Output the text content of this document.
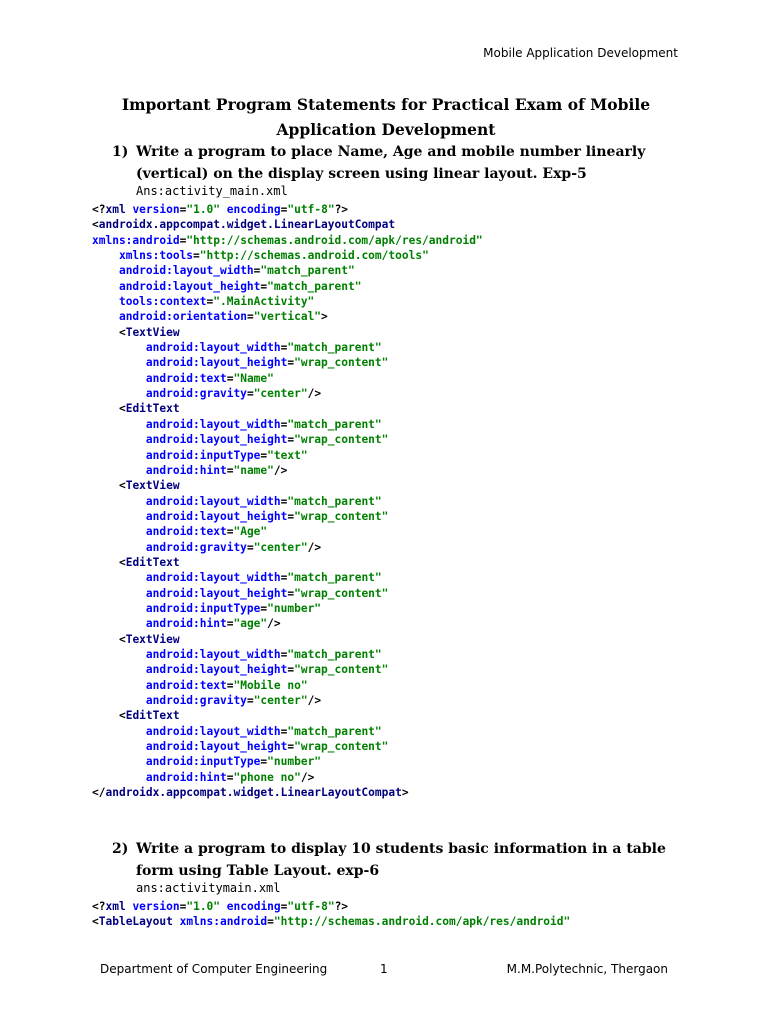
Mobile Application Development
Important Program Statements for Practical Exam of Mobile Application Development
1) Write a program to place Name, Age and mobile number linearly (vertical) on the display screen using linear layout. Exp-5
Ans:activity_main.xml
<?xml version="1.0" encoding="utf-8"?>
<androidx.appcompat.widget.LinearLayoutCompat
xmlns:android="http://schemas.android.com/apk/res/android"
xmlns:tools="http://schemas.android.com/tools"
android:layout_width="match_parent"
android:layout_height="match_parent"
tools:context=".MainActivity"
android:orientation="vertical">
<TextView
android:layout_width="match_parent"
android:layout_height="wrap_content"
android:text="Name"
android:gravity="center"/>
<EditText
android:layout_width="match_parent"
android:layout_height="wrap_content"
android:inputType="text"
android:hint="name"/>
<TextView
android:layout_width="match_parent"
android:layout_height="wrap_content"
android:text="Age"
android:gravity="center"/>
<EditText
android:layout_width="match_parent"
android:layout_height="wrap_content"
android:inputType="number"
android:hint="age"/>
<TextView
android:layout_width="match_parent"
android:layout_height="wrap_content"
android:text="Mobile no"
android:gravity="center"/>
<EditText
android:layout_width="match_parent"
android:layout_height="wrap_content"
android:inputType="number"
android:hint="phone no"/>
</androidx.appcompat.widget.LinearLayoutCompat>
2) Write a program to display 10 students basic information in a table form using Table Layout. exp-6
ans:activitymain.xml
<?xml version="1.0" encoding="utf-8"?>
<TableLayout xmlns:android="http://schemas.android.com/apk/res/android"
Department of Computer Engineering	1	M.M.Polytechnic, Thergaon
